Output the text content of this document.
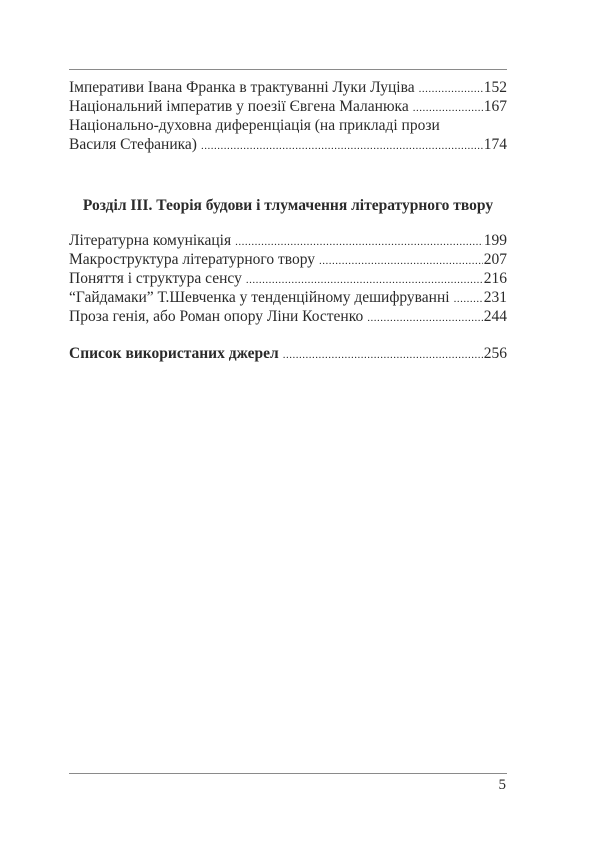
Імперативи Івана Франка в трактуванні Луки Луціва .....	152
Національний імператив у поезії Євгена Маланюка .....	167
Національно-духовна диференціація (на прикладі прози
Василя Стефаника) .....	174
Розділ III. Теорія будови і тлумачення літературного твору
Літературна комунікація .....	199
Макроструктура літературного твору .....	207
Поняття і структура сенсу .....	216
“Гайдамаки” Т.Шевченка у тенденційному дешифруванні ..... 231
Проза генія, або Роман опору Ліни Костенко .....	244
Список використаних джерел .....	256
5
